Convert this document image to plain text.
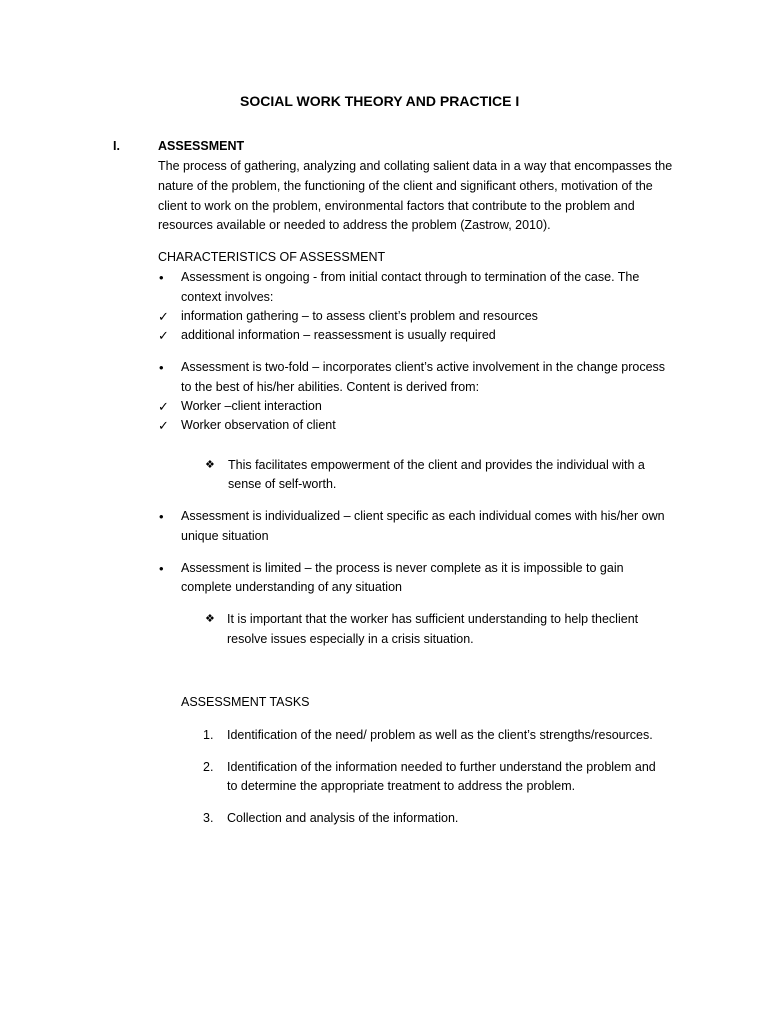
SOCIAL WORK THEORY AND PRACTICE I
I.	ASSESSMENT
The process of gathering, analyzing and collating salient data in a way that encompasses the
nature of the problem, the functioning of the client and significant others, motivation of the
client to work on the problem, environmental factors that contribute to the problem and
resources available or needed to address the problem (Zastrow, 2010).
CHARACTERISTICS OF ASSESSMENT
• Assessment is ongoing - from initial contact through to termination of the case. The
context involves:
✓ information gathering – to assess client’s problem and resources
✓ additional information – reassessment is usually required
• Assessment is two-fold – incorporates client’s active involvement in the change process
to the best of his/her abilities. Content is derived from:
✓ Worker –client interaction
✓ Worker observation of client
❖ This facilitates empowerment of the client and provides the individual with a
sense of self-worth.
• Assessment is individualized – client specific as each individual comes with his/her own
unique situation
• Assessment is limited – the process is never complete as it is impossible to gain
complete understanding of any situation
❖ It is important that the worker has sufficient understanding to help theclient
resolve issues especially in a crisis situation.
ASSESSMENT TASKS
1. Identification of the need/ problem as well as the client’s strengths/resources.
2. Identification of the information needed to further understand the problem and
to determine the appropriate treatment to address the problem.
3. Collection and analysis of the information.
